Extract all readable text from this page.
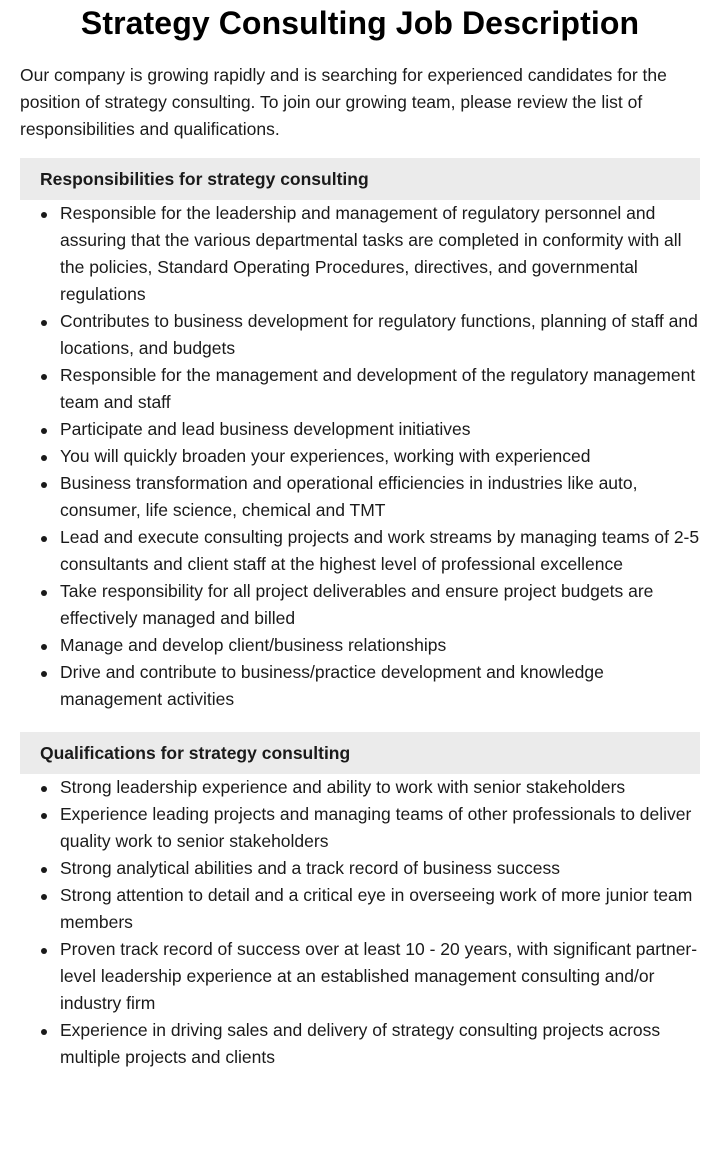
Strategy Consulting Job Description

Our company is growing rapidly and is searching for experienced candidates for the position of strategy consulting. To join our growing team, please review the list of responsibilities and qualifications.

Responsibilities for strategy consulting
Responsible for the leadership and management of regulatory personnel and assuring that the various departmental tasks are completed in conformity with all the policies, Standard Operating Procedures, directives, and governmental regulations
Contributes to business development for regulatory functions, planning of staff and locations, and budgets
Responsible for the management and development of the regulatory management team and staff
Participate and lead business development initiatives
You will quickly broaden your experiences, working with experienced
Business transformation and operational efficiencies in industries like auto, consumer, life science, chemical and TMT
Lead and execute consulting projects and work streams by managing teams of 2-5 consultants and client staff at the highest level of professional excellence
Take responsibility for all project deliverables and ensure project budgets are effectively managed and billed
Manage and develop client/business relationships
Drive and contribute to business/practice development and knowledge management activities
Qualifications for strategy consulting
Strong leadership experience and ability to work with senior stakeholders
Experience leading projects and managing teams of other professionals to deliver quality work to senior stakeholders
Strong analytical abilities and a track record of business success
Strong attention to detail and a critical eye in overseeing work of more junior team members
Proven track record of success over at least 10 - 20 years, with significant partner-level leadership experience at an established management consulting and/or industry firm
Experience in driving sales and delivery of strategy consulting projects across multiple projects and clients
